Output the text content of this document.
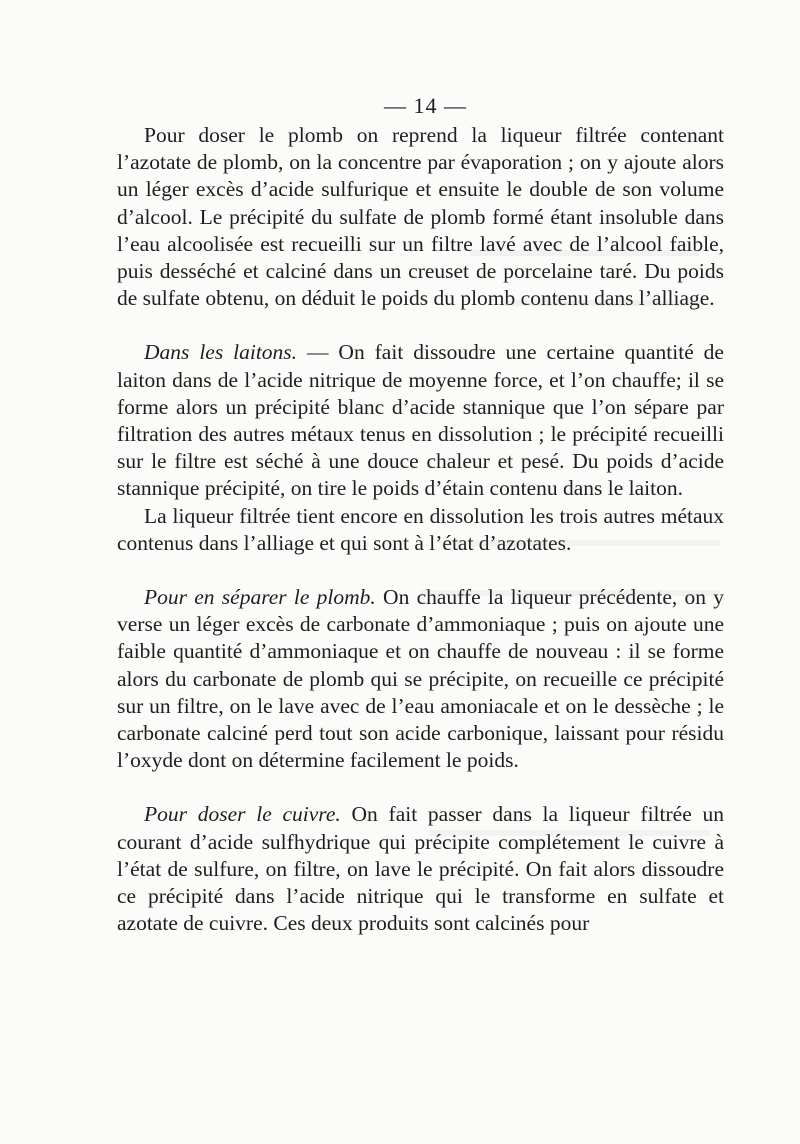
— 14 —

Pour doser le plomb on reprend la liqueur filtrée contenant l’azotate de plomb, on la concentre par évaporation ; on y ajoute alors un léger excès d’acide sulfurique et ensuite le double de son volume d’alcool. Le précipité du sulfate de plomb formé étant insoluble dans l’eau alcoolisée est recueilli sur un filtre lavé avec de l’alcool faible, puis desséché et calciné dans un creuset de porcelaine taré. Du poids de sulfate obtenu, on déduit le poids du plomb contenu dans l’alliage.

Dans les laitons. — On fait dissoudre une certaine quantité de laiton dans de l’acide nitrique de moyenne force, et l’on chauffe; il se forme alors un précipité blanc d’acide stannique que l’on sépare par filtration des autres métaux tenus en dissolution ; le précipité recueilli sur le filtre est séché à une douce chaleur et pesé. Du poids d’acide stannique précipité, on tire le poids d’étain contenu dans le laiton.

La liqueur filtrée tient encore en dissolution les trois autres métaux contenus dans l’alliage et qui sont à l’état d’azotates.

Pour en séparer le plomb. On chauffe la liqueur précédente, on y verse un léger excès de carbonate d’ammoniaque ; puis on ajoute une faible quantité d’ammoniaque et on chauffe de nouveau : il se forme alors du carbonate de plomb qui se précipite, on recueille ce précipité sur un filtre, on le lave avec de l’eau amoniacale et on le dessèche ; le carbonate calciné perd tout son acide carbonique, laissant pour résidu l’oxyde dont on détermine facilement le poids.

Pour doser le cuivre. On fait passer dans la liqueur filtrée un courant d’acide sulfhydrique qui précipite complétement le cuivre à l’état de sulfure, on filtre, on lave le précipité. On fait alors dissoudre ce précipité dans l’acide nitrique qui le transforme en sulfate et azotate de cuivre. Ces deux produits sont calcinés pour
